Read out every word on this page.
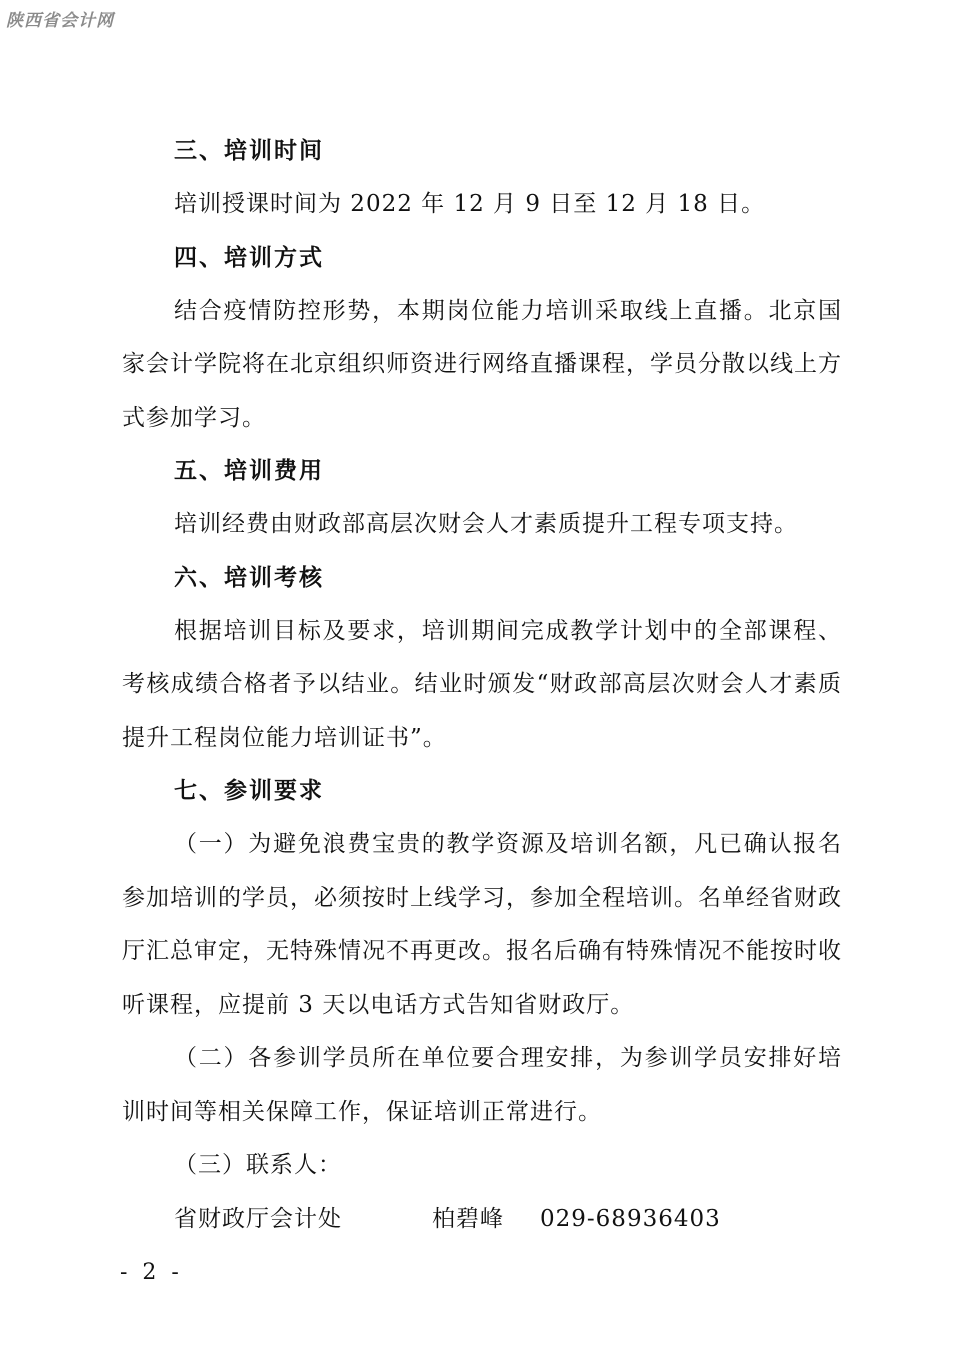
陕西省会计网
三、培训时间

培训授课时间为 2022 年 12 月 9 日至 12 月 18 日。

四、培训方式

结合疫情防控形势，本期岗位能力培训采取线上直播。北京国家会计学院将在北京组织师资进行网络直播课程，学员分散以线上方式参加学习。

五、培训费用

培训经费由财政部高层次财会人才素质提升工程专项支持。

六、培训考核

根据培训目标及要求，培训期间完成教学计划中的全部课程、考核成绩合格者予以结业。结业时颁发“财政部高层次财会人才素质提升工程岗位能力培训证书”。

七、参训要求

（一）为避免浪费宝贵的教学资源及培训名额，凡已确认报名参加培训的学员，必须按时上线学习，参加全程培训。名单经省财政厅汇总审定，无特殊情况不再更改。报名后确有特殊情况不能按时收听课程，应提前 3 天以电话方式告知省财政厅。

（二）各参训学员所在单位要合理安排，为参训学员安排好培训时间等相关保障工作，保证培训正常进行。

（三）联系人：

省财政厅会计处	柏碧峰 029-68936403
- 2 -
